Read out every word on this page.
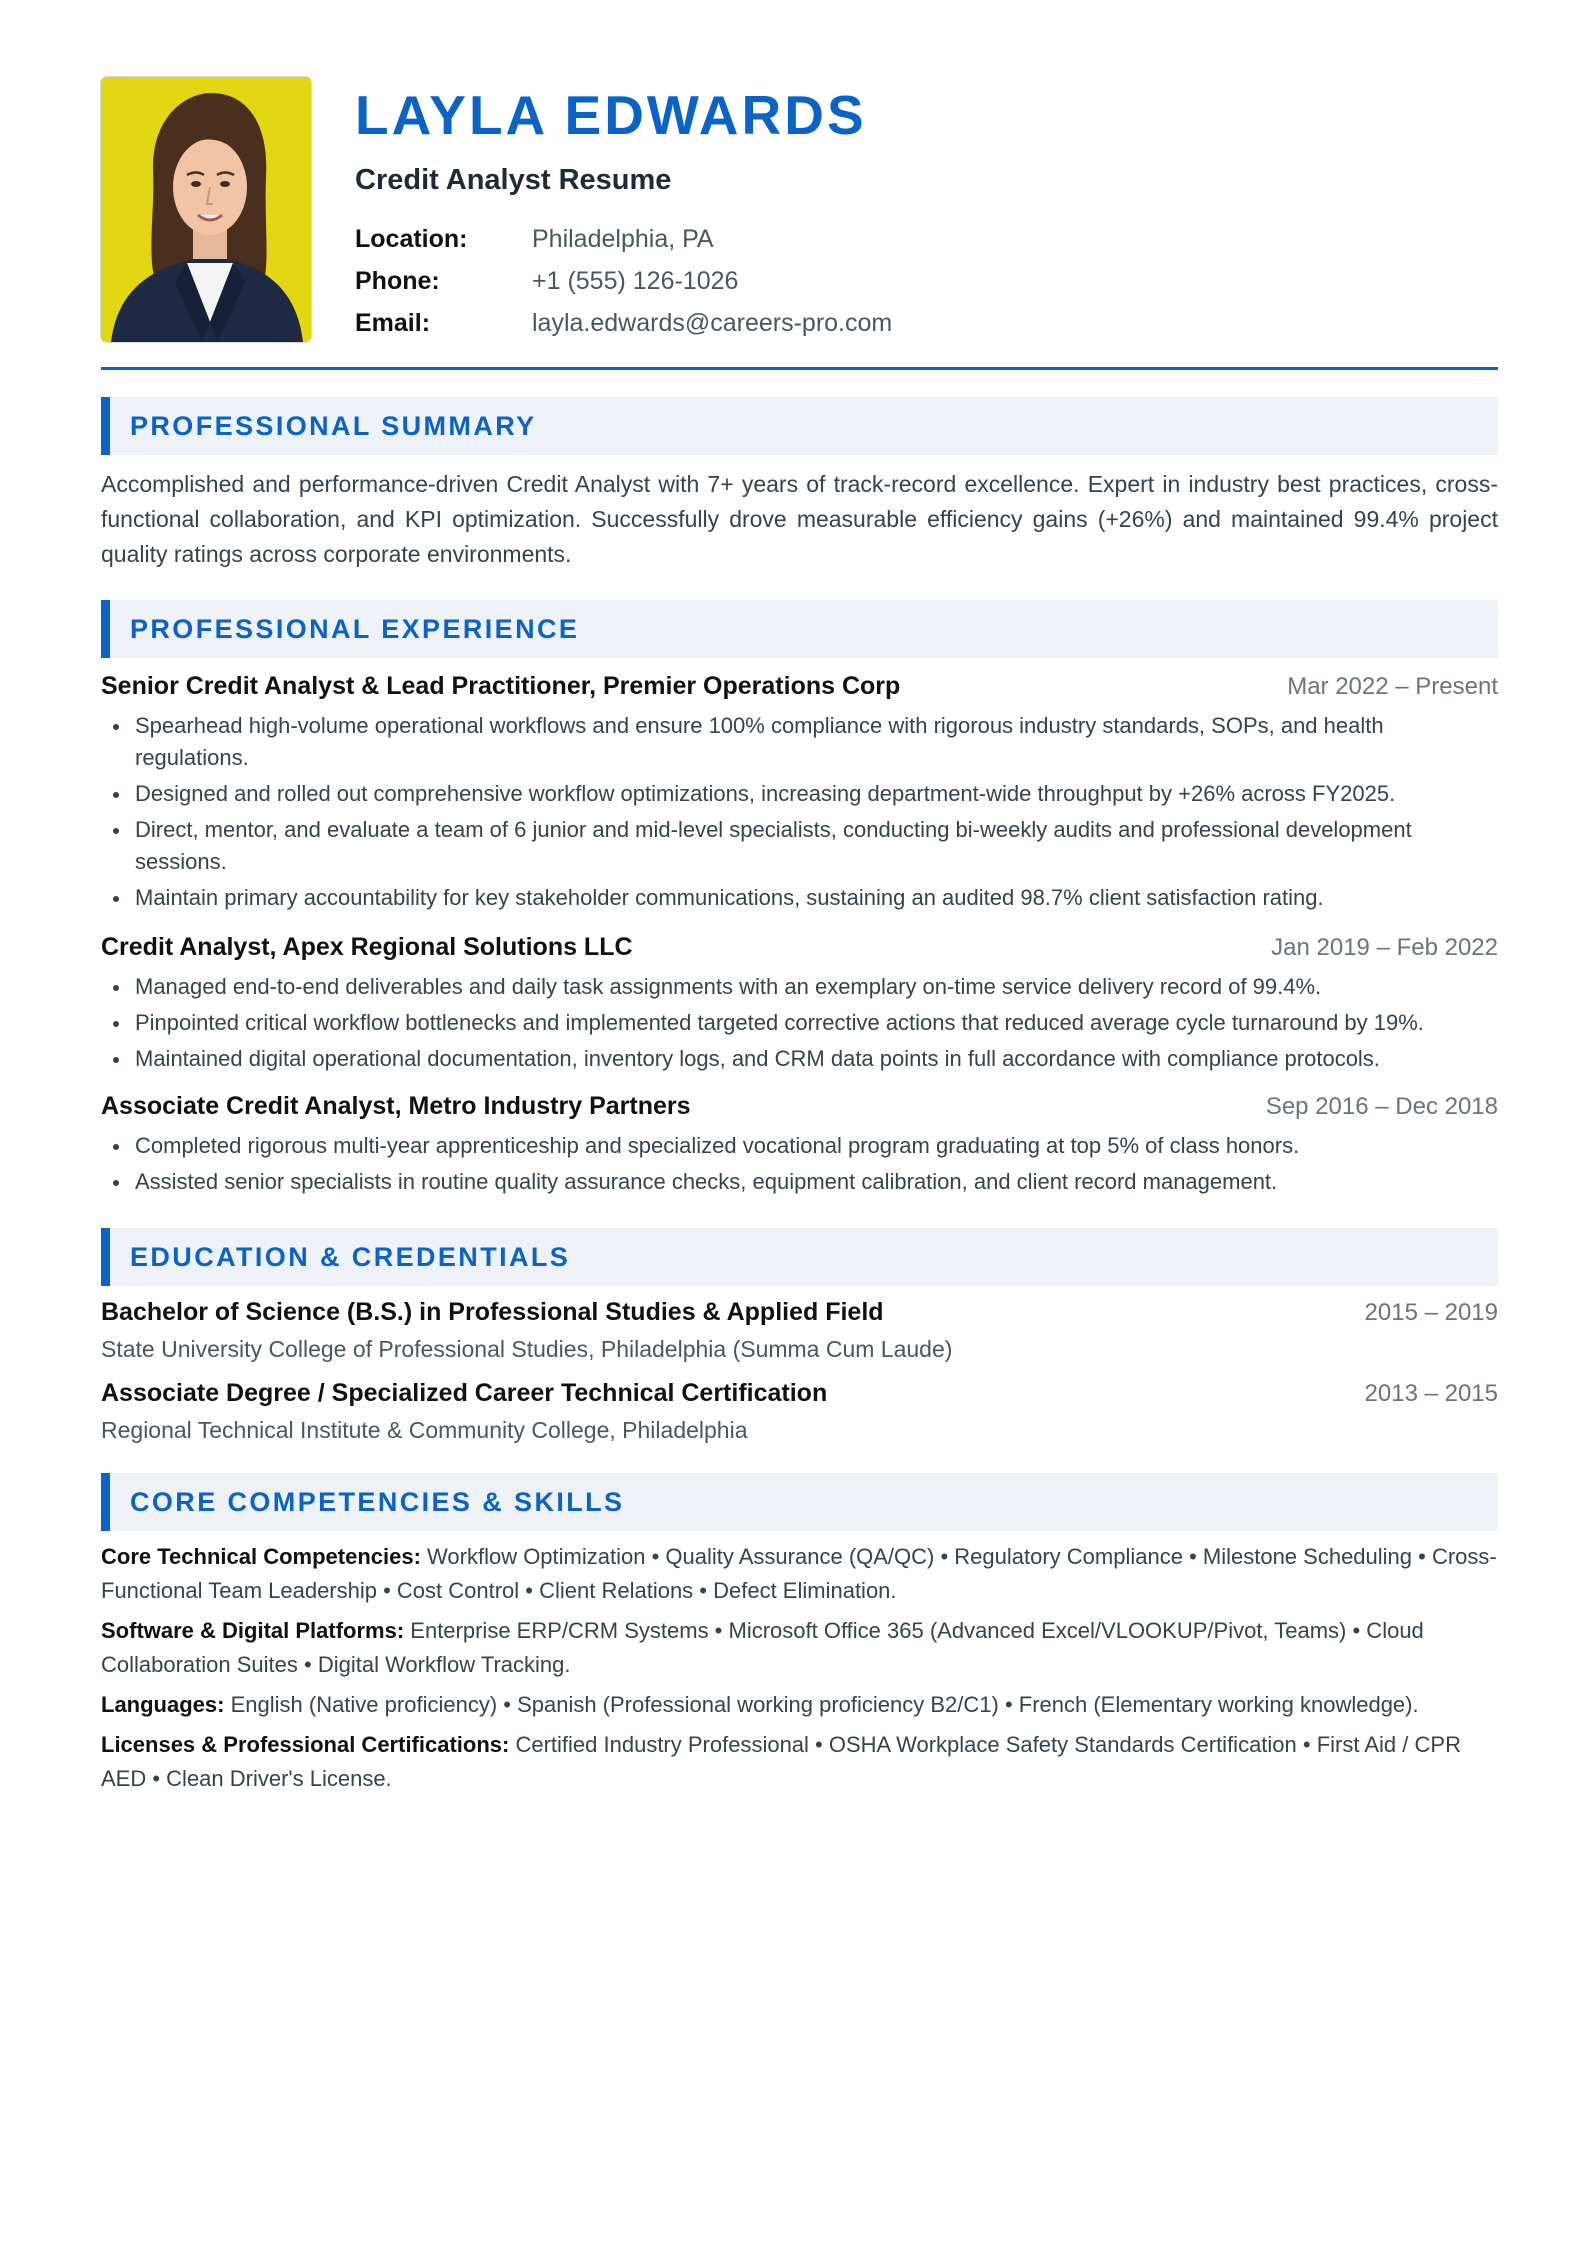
LAYLA EDWARDS
Credit Analyst Resume
Location:	Philadelphia, PA
Phone:	+1 (555) 126-1026
Email:	layla.edwards@careers-pro.com
PROFESSIONAL SUMMARY

Accomplished and performance-driven Credit Analyst with 7+ years of track-record excellence. Expert in industry best practices, cross-functional collaboration, and KPI optimization. Successfully drove measurable efficiency gains (+26%) and maintained 99.4% project quality ratings across corporate environments.

PROFESSIONAL EXPERIENCE
Senior Credit Analyst & Lead Practitioner, Premier Operations Corp	Mar 2022 – Present
Spearhead high-volume operational workflows and ensure 100% compliance with rigorous industry standards, SOPs, and health regulations.
Designed and rolled out comprehensive workflow optimizations, increasing department-wide throughput by +26% across FY2025.
Direct, mentor, and evaluate a team of 6 junior and mid-level specialists, conducting bi-weekly audits and professional development sessions.
Maintain primary accountability for key stakeholder communications, sustaining an audited 98.7% client satisfaction rating.
Credit Analyst, Apex Regional Solutions LLC	Jan 2019 – Feb 2022
Managed end-to-end deliverables and daily task assignments with an exemplary on-time service delivery record of 99.4%.
Pinpointed critical workflow bottlenecks and implemented targeted corrective actions that reduced average cycle turnaround by 19%.
Maintained digital operational documentation, inventory logs, and CRM data points in full accordance with compliance protocols.
Associate Credit Analyst, Metro Industry Partners	Sep 2016 – Dec 2018
Completed rigorous multi-year apprenticeship and specialized vocational program graduating at top 5% of class honors.
Assisted senior specialists in routine quality assurance checks, equipment calibration, and client record management.
EDUCATION & CREDENTIALS
Bachelor of Science (B.S.) in Professional Studies & Applied Field	2015 – 2019
State University College of Professional Studies, Philadelphia (Summa Cum Laude)
Associate Degree / Specialized Career Technical Certification	2013 – 2015
Regional Technical Institute & Community College, Philadelphia
CORE COMPETENCIES & SKILLS

Core Technical Competencies: Workflow Optimization • Quality Assurance (QA/QC) • Regulatory Compliance • Milestone Scheduling • Cross-Functional Team Leadership • Cost Control • Client Relations • Defect Elimination.

Software & Digital Platforms: Enterprise ERP/CRM Systems • Microsoft Office 365 (Advanced Excel/VLOOKUP/Pivot, Teams) • Cloud Collaboration Suites • Digital Workflow Tracking.

Languages: English (Native proficiency) • Spanish (Professional working proficiency B2/C1) • French (Elementary working knowledge).

Licenses & Professional Certifications: Certified Industry Professional • OSHA Workplace Safety Standards Certification • First Aid / CPR AED • Clean Driver's License.
